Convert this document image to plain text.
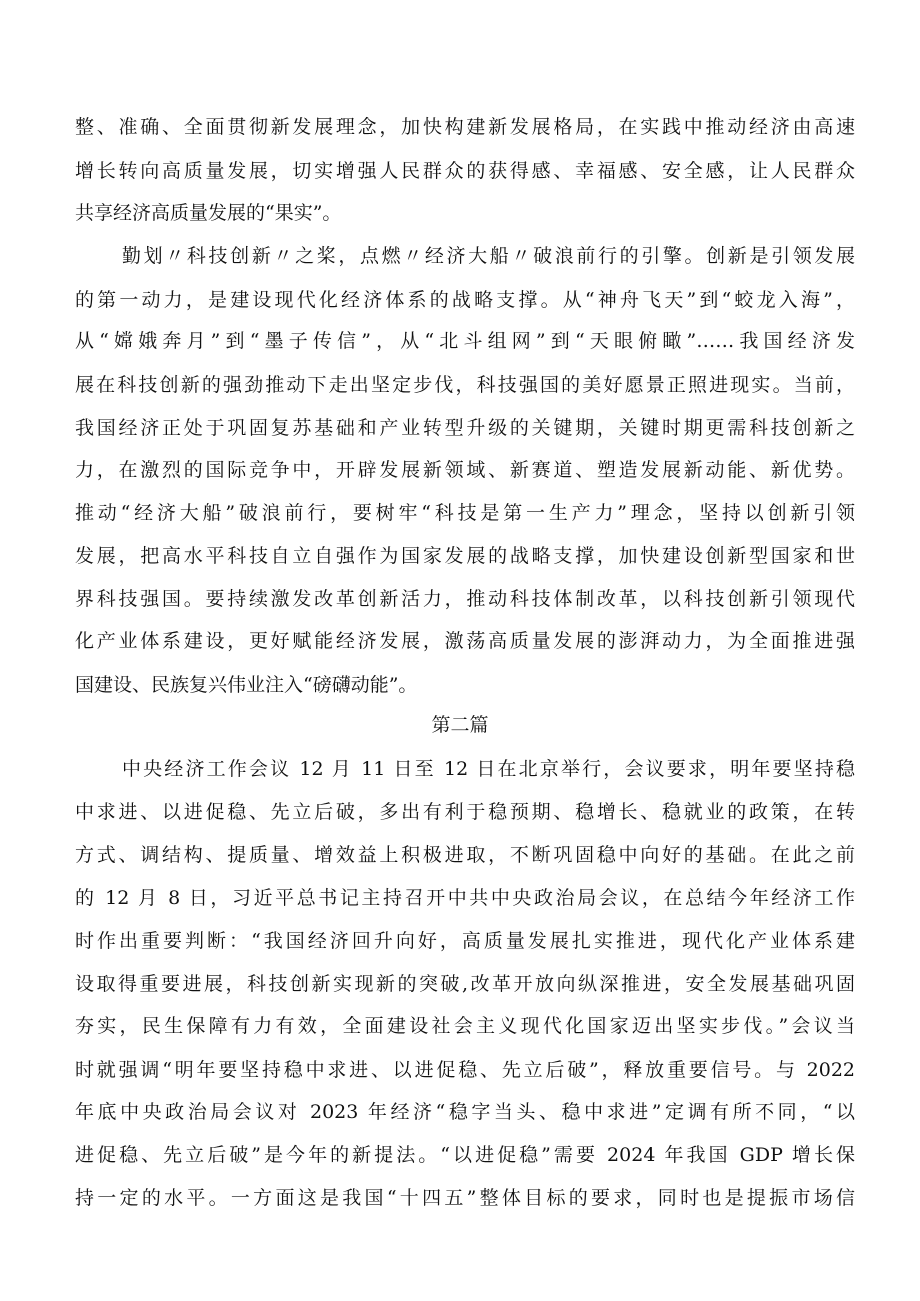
整、准确、全面贯彻新发展理念，加快构建新发展格局，在实践中推动经济由高速
增长转向高质量发展，切实增强人民群众的获得感、幸福感、安全感，让人民群众
共享经济高质量发展的“果实”。
勤划〃科技创新〃之桨，点燃〃经济大船〃破浪前行的引擎。创新是引领发展
的第一动力，是建设现代化经济体系的战略支撑。从“神舟飞天”到“蛟龙入海”，
从“嫦娥奔月”到“墨子传信”，从“北斗组网”到“天眼俯瞰”……我国经济发
展在科技创新的强劲推动下走出坚定步伐，科技强国的美好愿景正照进现实。当前，
我国经济正处于巩固复苏基础和产业转型升级的关键期，关键时期更需科技创新之
力，在激烈的国际竞争中，开辟发展新领域、新赛道、塑造发展新动能、新优势。
推动“经济大船”破浪前行，要树牢“科技是第一生产力”理念，坚持以创新引领
发展，把高水平科技自立自强作为国家发展的战略支撑，加快建设创新型国家和世
界科技强国。要持续激发改革创新活力，推动科技体制改革，以科技创新引领现代
化产业体系建设，更好赋能经济发展，激荡高质量发展的澎湃动力，为全面推进强
国建设、民族复兴伟业注入“磅礴动能”。
第二篇
中央经济工作会议 12 月 11 日至 12 日在北京举行，会议要求，明年要坚持稳
中求进、以进促稳、先立后破，多出有利于稳预期、稳增长、稳就业的政策，在转
方式、调结构、提质量、增效益上积极进取，不断巩固稳中向好的基础。在此之前
的 12 月 8 日，习近平总书记主持召开中共中央政治局会议，在总结今年经济工作
时作出重要判断：“我国经济回升向好，高质量发展扎实推进，现代化产业体系建
设取得重要进展，科技创新实现新的突破,改革开放向纵深推进，安全发展基础巩固
夯实，民生保障有力有效，全面建设社会主义现代化国家迈出坚实步伐。”会议当
时就强调“明年要坚持稳中求进、以进促稳、先立后破”，释放重要信号。与 2022
年底中央政治局会议对 2023 年经济“稳字当头、稳中求进”定调有所不同，“以
进促稳、先立后破”是今年的新提法。“以进促稳”需要 2024 年我国 GDP 增长保
持一定的水平。一方面这是我国“十四五”整体目标的要求，同时也是提振市场信
